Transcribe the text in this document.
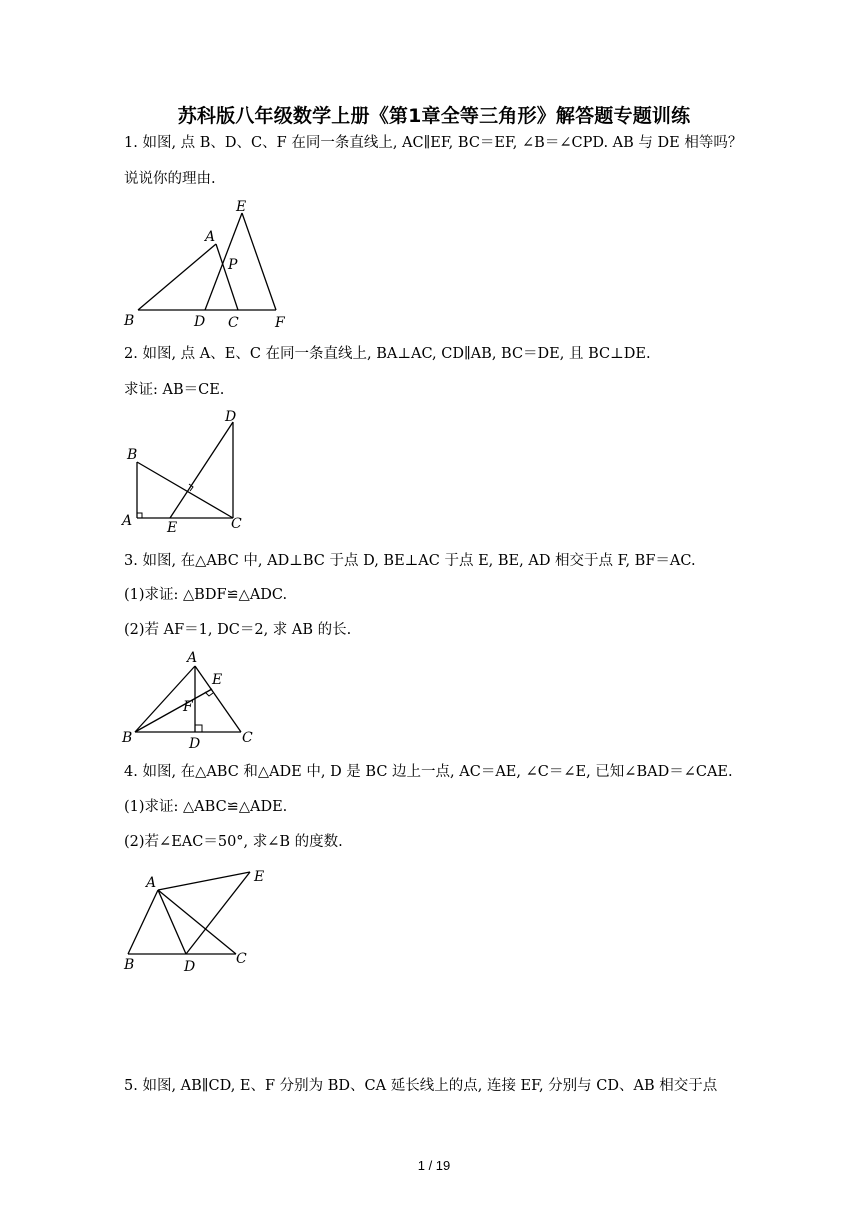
苏科版八年级数学上册《第1章全等三角形》解答题专题训练
1. 如图, 点 B、D、C、F 在同一条直线上, AC∥EF, BC＝EF, ∠B＝∠CPD. AB 与 DE 相等吗？
说说你的理由.
E
A
P
B	D C	F
2. 如图, 点 A、E、C 在同一条直线上, BA⊥AC, CD∥AB, BC＝DE, 且 BC⊥DE.
求证: AB＝CE.
D
B
A E	C
3. 如图, 在△ABC 中, AD⊥BC 于点 D, BE⊥AC 于点 E, BE, AD 相交于点 F, BF＝AC.
(1)求证: △BDF≌△ADC.
A
E
F
B	D	C
(2)若 AF＝1, DC＝2, 求 AB 的长.
4. 如图, 在△ABC 和△ADE 中, D 是 BC 边上一点, AC＝AE, ∠C＝∠E, 已知∠BAD＝∠CAE.
(1)求证: △ABC≌△ADE.
(2)若∠EAC＝50°, 求∠B 的度数.
A	E
B	D	C
5. 如图, AB∥CD, E、F 分别为 BD、CA 延长线上的点, 连接 EF, 分别与 CD、AB 相交于点
1 / 19
